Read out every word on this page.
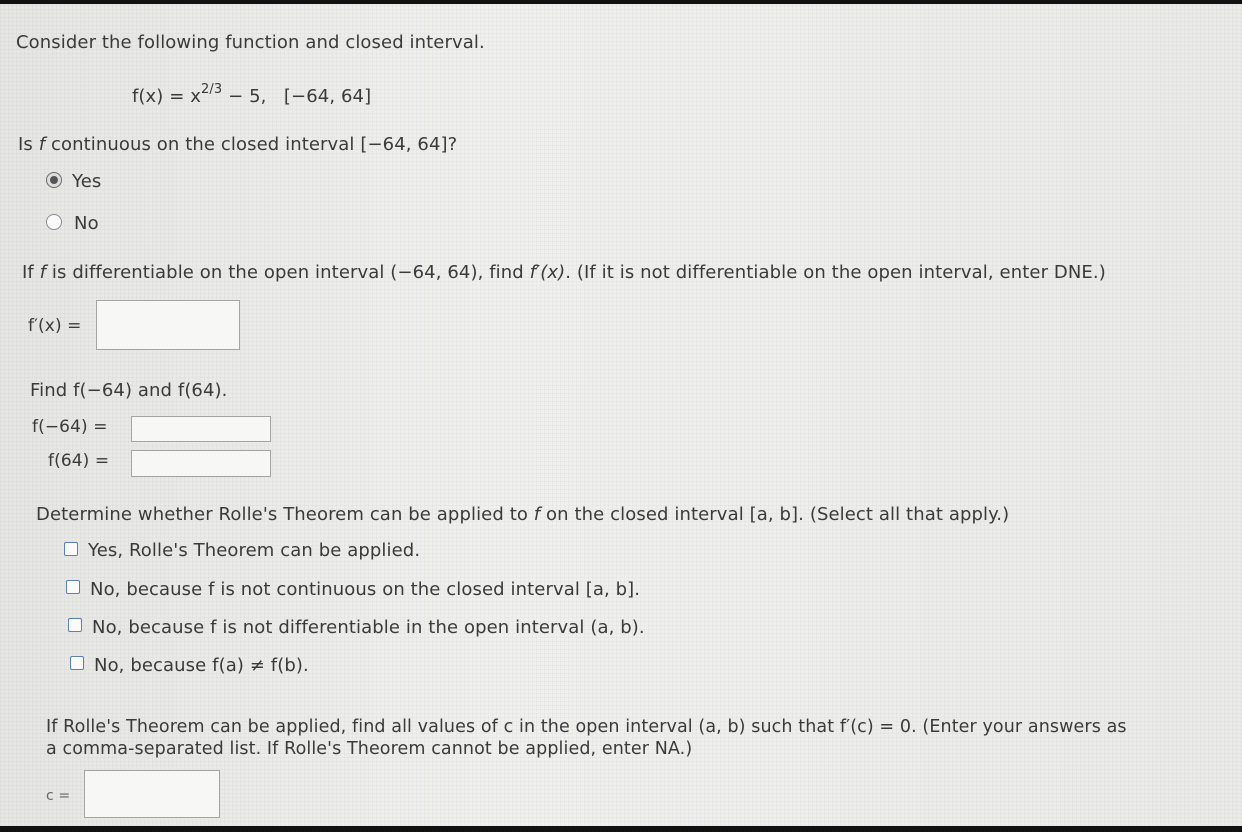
Consider the following function and closed interval.
$f(x) = x^{2/3} - 5$, [−64, 64]
Is f continuous on the closed interval [−64, 64]?
Yes
No
If f is differentiable on the open interval (−64, 64), find f′(x). (If it is not differentiable on the open interval, enter DNE.)
f′(x) =
Find f(−64) and f(64).
f(−64) =
f(64) =
Determine whether Rolle's Theorem can be applied to f on the closed interval [a, b]. (Select all that apply.)
Yes, Rolle's Theorem can be applied.
No, because f is not continuous on the closed interval [a, b].
No, because f is not differentiable in the open interval (a, b).
No, because f(a) ≠ f(b).
If Rolle's Theorem can be applied, find all values of c in the open interval (a, b) such that f′(c) = 0. (Enter your answers as
a comma-separated list. If Rolle's Theorem cannot be applied, enter NA.)
c =
